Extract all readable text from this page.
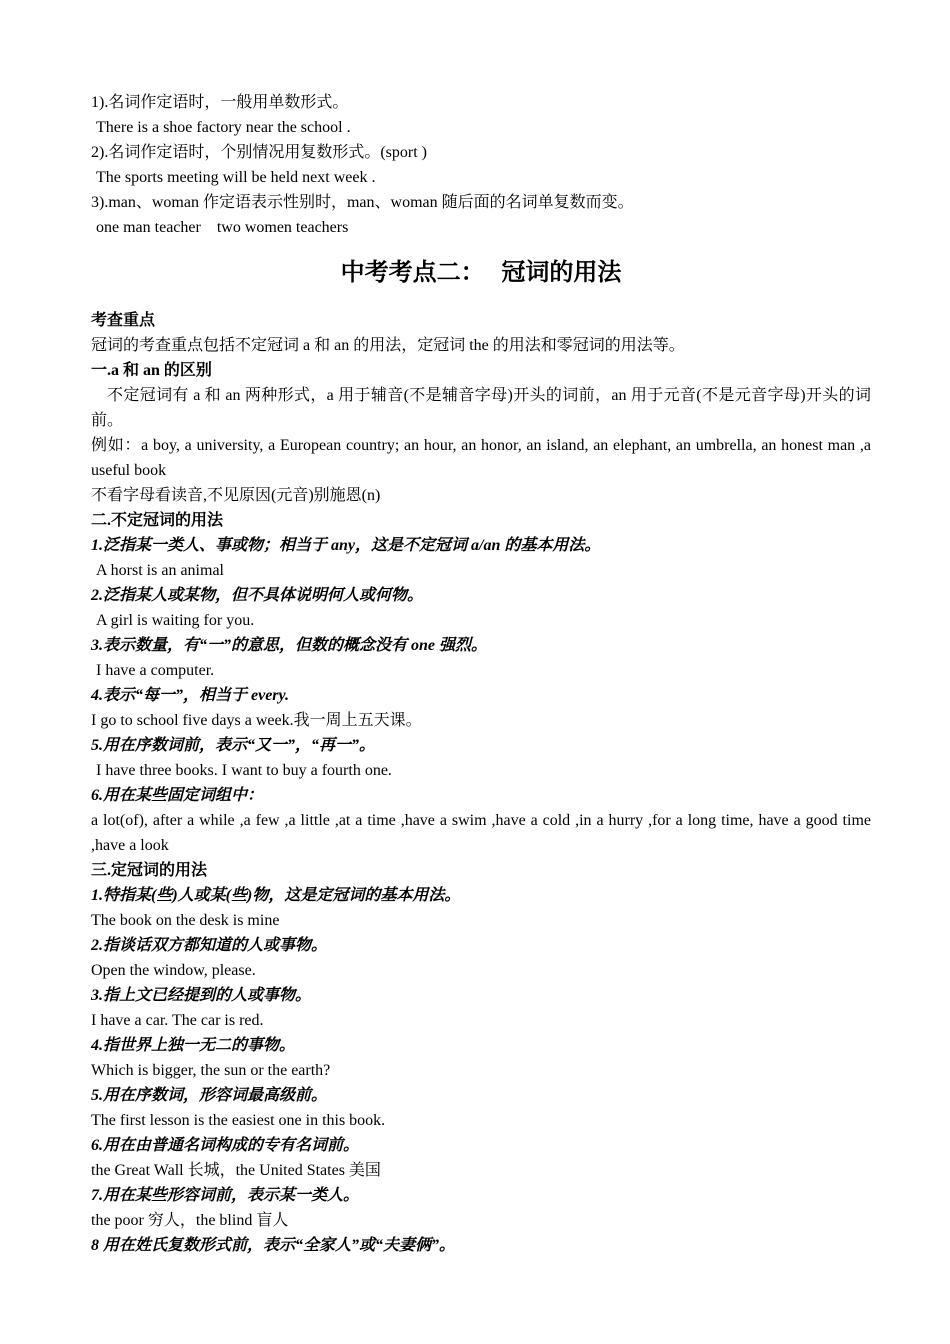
1).名词作定语时，一般用单数形式。
There is a shoe factory near the school .
2).名词作定语时，个别情况用复数形式。(sport )
The sports meeting will be held next week .
3).man、woman 作定语表示性别时，man、woman 随后面的名词单复数而变。
one man teacher    two women teachers
中考考点二：  冠词的用法
考查重点
冠词的考查重点包括不定冠词 a 和 an 的用法，定冠词 the 的用法和零冠词的用法等。
一.a 和 an 的区别
不定冠词有 a 和 an 两种形式，a 用于辅音(不是辅音字母)开头的词前，an 用于元音(不是元音字母)开头的词前。
例如：a boy, a university, a European country; an hour, an honor, an island, an elephant, an umbrella, an honest man ,a useful book
不看字母看读音,不见原因(元音)别施恩(n)
二.不定冠词的用法
1.泛指某一类人、事或物；相当于 any，这是不定冠词 a/an 的基本用法。
A horst is an animal
2.泛指某人或某物，但不具体说明何人或何物。
A girl is waiting for you.
3.表示数量，有“一”的意思，但数的概念没有 one 强烈。
I have a computer.
4.表示“每一”，相当于 every.
I go to school five days a week.我一周上五天课。
5.用在序数词前，表示“又一”，“再一”。
I have three books. I want to buy a fourth one.
6.用在某些固定词组中：
a lot(of), after a while ,a few ,a little ,at a time ,have a swim ,have a cold ,in a hurry ,for a long time, have a good time ,have a look
三.定冠词的用法
1.特指某(些)人或某(些)物，这是定冠词的基本用法。
The book on the desk is mine
2.指谈话双方都知道的人或事物。
Open the window, please.
3.指上文已经提到的人或事物。
I have a car. The car is red.
4.指世界上独一无二的事物。
Which is bigger, the sun or the earth?
5.用在序数词，形容词最高级前。
The first lesson is the easiest one in this book.
6.用在由普通名词构成的专有名词前。
the Great Wall 长城，the United States 美国
7.用在某些形容词前，表示某一类人。
the poor 穷人，the blind 盲人
8 用在姓氏复数形式前，表示“全家人”或“夫妻俩”。
